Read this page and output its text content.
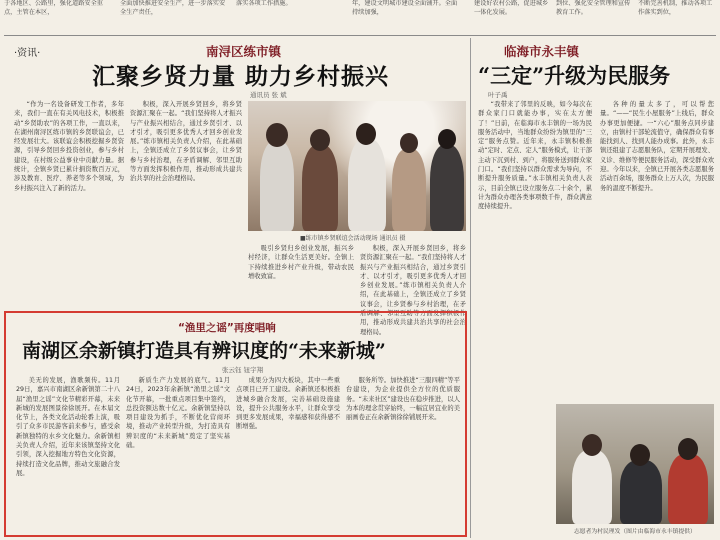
于各地区、公路里，强化道路安全重点，主管在本区，
全面加快推进安全生产，进一步落实安全生产责任，
落实各项工作措施。	年，建设文明城市建设全面铺开。全面持续加强，
建设好农村公路，促进城乡一体化发展。
到位、强化安全管理和宣传教育工作。
不断完善机制，推动各项工作落实到位，
·资讯·	南浔区练市镇
汇聚乡贤力量 助力乡村振兴
通讯员 张 斌

“作为一名设备研发工作者，多年来，我们一直在有关风电技术，积极推动“乡贤助农”的各项工作，一直以来，在湖州南浔区练市镇的乡贤联谊会，已经发展壮大。该联谊会积极挖掘乡贤资源，引导乡贤回乡投资创业，参与乡村建设，在村级公益事业中贡献力量。据统计，全镇乡贤已累计捐资数百万元，涉及教育、医疗、养老等多个领域，为乡村振兴注入了新的活力。

积极，深入开展乡贤回乡，将乡贤资源汇聚在一起。“我们坚持将人才振兴与产业振兴相结合，通过乡贤引才、以才引才，吸引更多优秀人才回乡创业发展。”练市镇相关负责人介绍，在此基础上，全镇还成立了乡贤议事会，让乡贤参与乡村治理，在矛盾调解、邻里互助等方面发挥积极作用，推动形成共建共治共享的社会治理格局。

■练市镇乡贤联谊会活动现场 通讯员 摄

吸引乡贤归乡创业发展，振兴乡村经济，让群众生活更美好。全镇上下持续推进乡村产业升级，带动农民增收致富。

积极，深入开展乡贤回乡，将乡贤资源汇聚在一起。“我们坚持将人才振兴与产业振兴相结合，通过乡贤引才、以才引才，吸引更多优秀人才回乡创业发展。”练市镇相关负责人介绍，在此基础上，全镇还成立了乡贤议事会，让乡贤参与乡村治理，在矛盾调解、邻里互助等方面发挥积极作用，推动形成共建共治共享的社会治理格局。

临海市永丰镇
“三定”升级为民服务
叶子禹

“我带来了邻里的反映，如今每次在群众家门口就能办事，实在太方便了！”日前，在临海市永丰镇的一场为民服务活动中，当地群众纷纷为镇里的“三定”服务点赞。近年来，永丰镇积极推动“定时、定点、定人”服务模式，让干部主动下沉到村、到户，将服务送到群众家门口。“我们坚持以群众需求为导向，不断提升服务质量。”永丰镇相关负责人表示，目前全镇已设立服务点二十余个，累计为群众办理各类事项数千件，群众满意度持续提升。

各种的量太多了，可以帮您量。“——“民生小屋服务”上线后，群众办事更加便捷。一“六心”服务点同步建立，由镇村干部轮流值守，确保群众有事能找到人、找到人能办成事。此外，永丰镇还组建了志愿服务队，定期开展理发、义诊、维修等便民服务活动，深受群众欢迎。今年以来，全镇已开展各类志愿服务活动百余场，服务群众上万人次，为民服务的温度不断提升。

志愿者为村民理发（图片由临海市永丰镇提供）
“渔里之谣”再度唱响
南湖区余新镇打造具有辨识度的“未来新城”
张云钰 钮宇翔

美无的发展，渔歌频传。11月29日，嘉兴市南湖区余新镇第二十八届“渔里之谣”文化节精彩开幕，未来新城的发展图景徐徐展开。在本届文化节上，各类文化活动轮番上演，吸引了众多市民游客前来参与，感受余新镇独特的水乡文化魅力。余新镇相关负责人介绍，近年来该镇坚持文化引领，深入挖掘地方特色文化资源，持续打造文化品牌，推动文旅融合发展。

新质生产力发展的底气。11月24日，2023年余新镇“渔里之谣”文化节开幕，一批重点项目集中签约，总投资额达数十亿元。余新镇坚持以项目建设为抓手，不断优化营商环境，推动产业转型升级，为打造具有辨识度的“未来新城”奠定了坚实基础。

成果分为四大板块，其中一些重点项目已开工建设。余新镇还积极推进城乡融合发展，完善基础设施建设，提升公共服务水平，让群众享受到更多发展成果，幸福感和获得感不断增强。

服务所等。加快推进“三服四精”等平台建设，为企业提供全方位的优质服务。“未来社区”建设也在稳步推进，以人为本的理念贯穿始终，一幅宜居宜业的美丽画卷正在余新镇徐徐铺展开来。
